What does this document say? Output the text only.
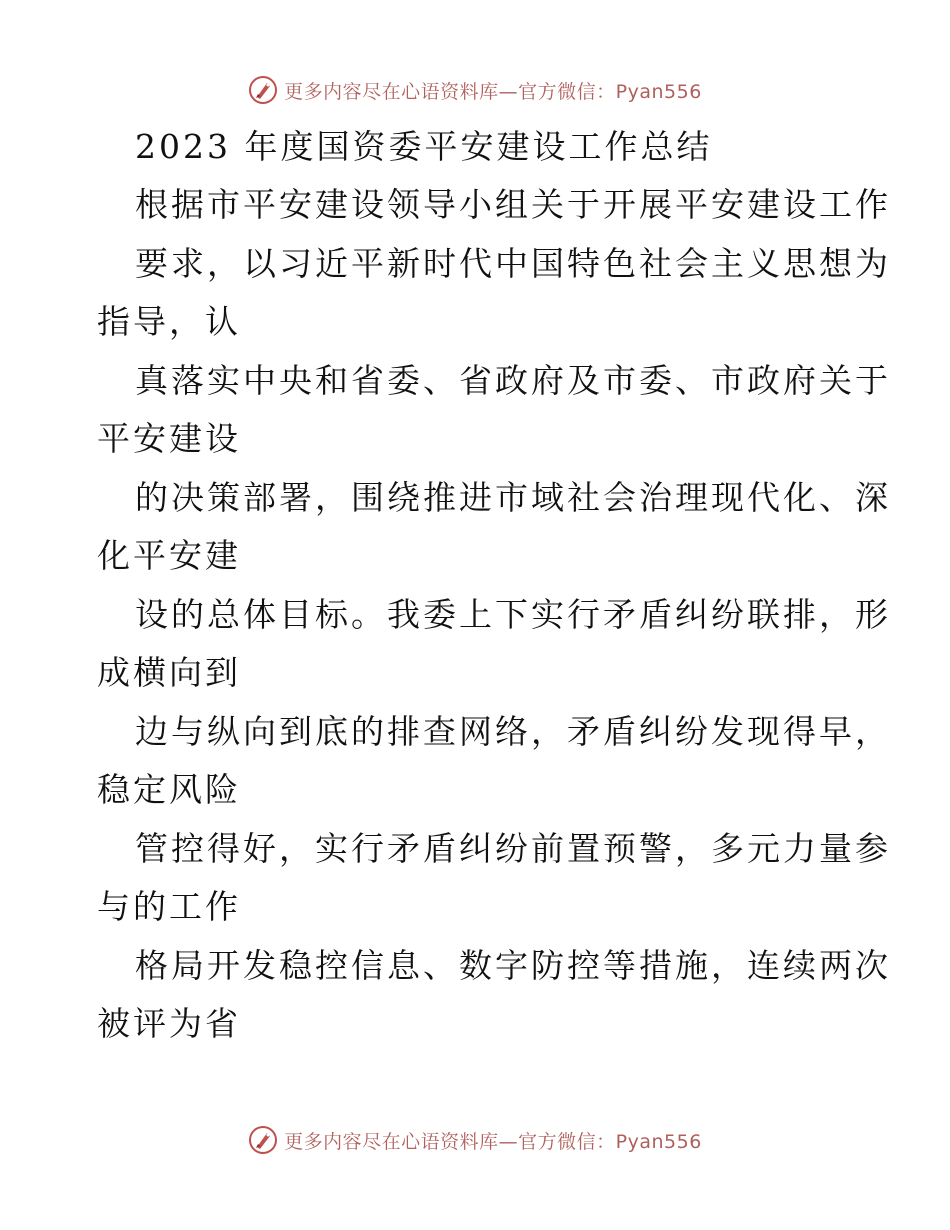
更多内容尽在心语资料库—官方微信：Pyan556
2023 年度国资委平安建设工作总结
根据市平安建设领导小组关于开展平安建设工作
要求，以习近平新时代中国特色社会主义思想为
指导，认
真落实中央和省委、省政府及市委、市政府关于
平安建设
的决策部署，围绕推进市域社会治理现代化、深
化平安建
设的总体目标。我委上下实行矛盾纠纷联排，形
成横向到
边与纵向到底的排查网络，矛盾纠纷发现得早，
稳定风险
管控得好，实行矛盾纠纷前置预警，多元力量参
与的工作
格局开发稳控信息、数字防控等措施，连续两次
被评为省
更多内容尽在心语资料库—官方微信：Pyan556
